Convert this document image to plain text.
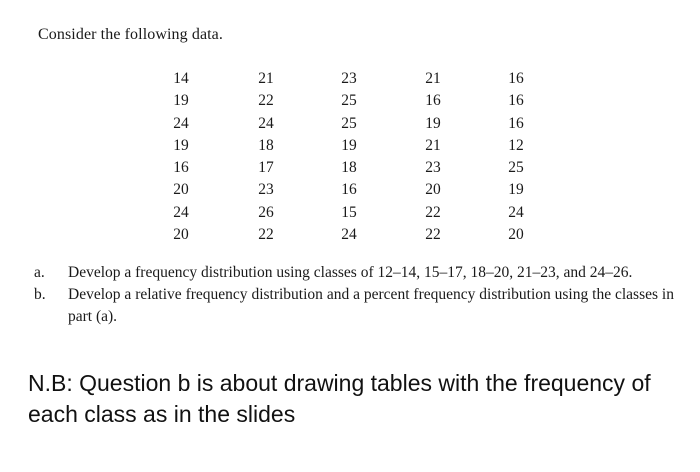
Consider the following data.
14
19
24
19
16
20
24
20
21
22
24
18
17
23
26
22
23
25
25
19
18
16
15
24
21
16
19
21
23
20
22
22
16
16
16
12
25
19
24
20
a.	Develop a frequency distribution using classes of 12–14, 15–17, 18–20, 21–23, and 24–26.
b.	Develop a relative frequency distribution and a percent frequency distribution using the classes in part (a).
N.B: Question b is about drawing tables with the frequency of each class as in the slides
